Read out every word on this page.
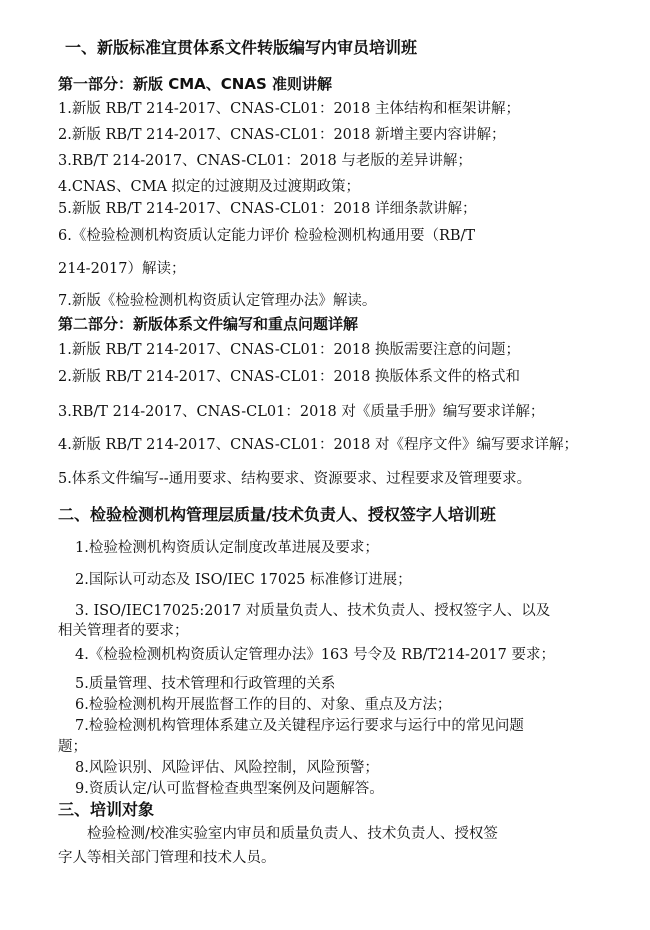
一、新版标准宜贯体系文件转版编写内审员培训班
第一部分：新版 CMA、CNAS 准则讲解
1.新版 RB/T 214-2017、CNAS-CL01：2018 主体结构和框架讲解；
2.新版 RB/T 214-2017、CNAS-CL01：2018 新增主要内容讲解；
3.RB/T 214-2017、CNAS-CL01：2018 与老版的差异讲解；
4.CNAS、CMA 拟定的过渡期及过渡期政策；
5.新版 RB/T 214-2017、CNAS-CL01：2018 详细条款讲解；
6.《检验检测机构资质认定能力评价 检验检测机构通用要（RB/T
214-2017）解读；
7.新版《检验检测机构资质认定管理办法》解读。
第二部分：新版体系文件编写和重点问题详解
1.新版 RB/T 214-2017、CNAS-CL01：2018 换版需要注意的问题；
2.新版 RB/T 214-2017、CNAS-CL01：2018 换版体系文件的格式和
3.RB/T 214-2017、CNAS-CL01：2018 对《质量手册》编写要求详解；
4.新版 RB/T 214-2017、CNAS-CL01：2018 对《程序文件》编写要求详解；
5.体系文件编写--通用要求、结构要求、资源要求、过程要求及管理要求。
二、检验检测机构管理层质量/技术负责人、授权签字人培训班
1.检验检测机构资质认定制度改革进展及要求；
2.国际认可动态及 ISO/IEC 17025 标准修订进展；
3. ISO/IEC17025:2017 对质量负责人、技术负责人、授权签字人、以及
相关管理者的要求；
4.《检验检测机构资质认定管理办法》163 号令及 RB/T214-2017 要求；
5.质量管理、技术管理和行政管理的关系
6.检验检测机构开展监督工作的目的、对象、重点及方法；
7.检验检测机构管理体系建立及关键程序运行要求与运行中的常见问题
题；
8.风险识别、风险评估、风险控制，风险预警；
9.资质认定/认可监督检查典型案例及问题解答。
三、培训对象
检验检测/校准实验室内审员和质量负责人、技术负责人、授权签
字人等相关部门管理和技术人员。
